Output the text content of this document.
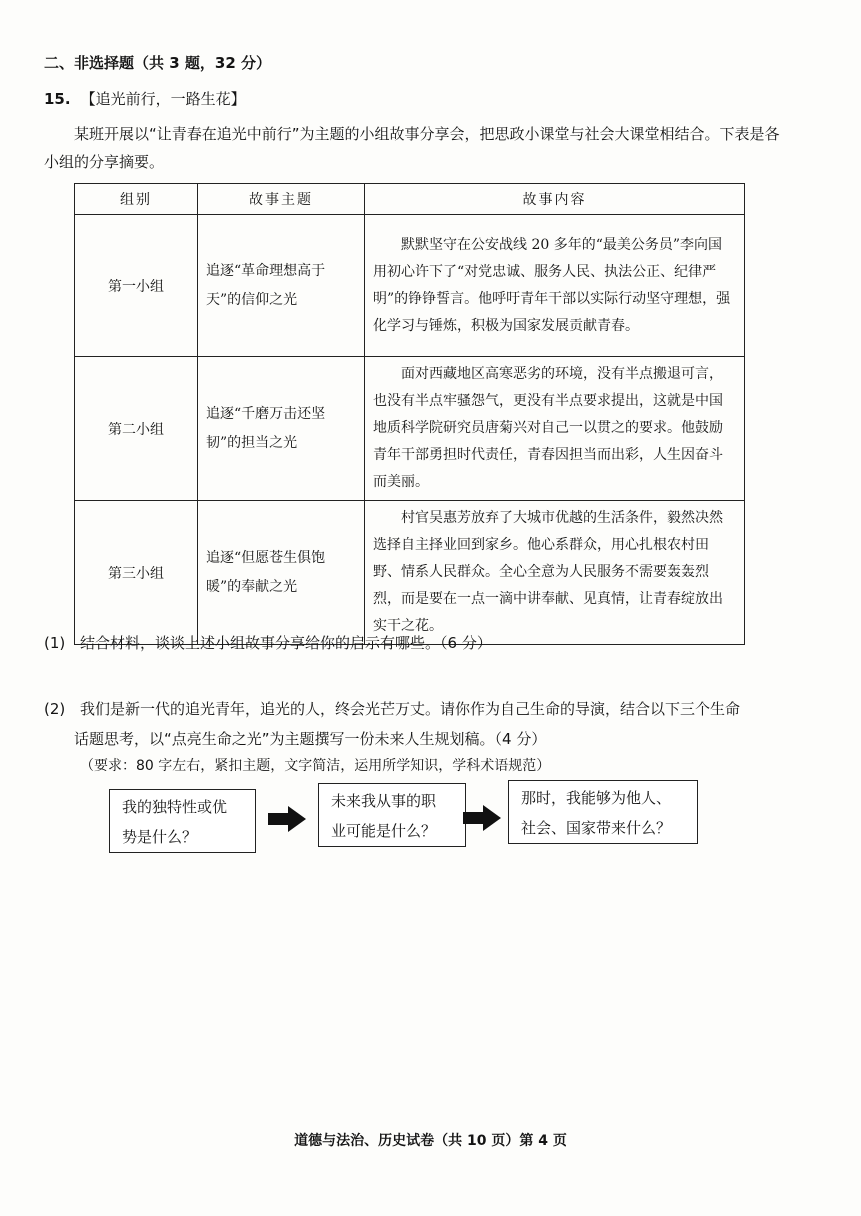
二、非选择题（共 3 题，32 分）
15. 【追光前行，一路生花】
某班开展以“让青春在追光中前行”为主题的小组故事分享会，把思政小课堂与社会大课堂相结合。下表是各小组的分享摘要。
组别	故事主题	故事内容
第一小组	追逐“革命理想高于天”的信仰之光	默默坚守在公安战线 20 多年的“最美公务员”李向国用初心许下了“对党忠诚、服务人民、执法公正、纪律严明”的铮铮誓言。他呼吁青年干部以实际行动坚守理想，强化学习与锤炼，积极为国家发展贡献青春。
第二小组	追逐“千磨万击还坚韧”的担当之光	面对西藏地区高寒恶劣的环境，没有半点搬退可言，也没有半点牢骚怨气，更没有半点要求提出，这就是中国地质科学院研究员唐菊兴对自己一以贯之的要求。他鼓励青年干部勇担时代责任，青春因担当而出彩，人生因奋斗而美丽。
第三小组	追逐“但愿苍生俱饱暖”的奉献之光	村官吴惠芳放弃了大城市优越的生活条件，毅然决然选择自主择业回到家乡。他心系群众，用心扎根农村田野、情系人民群众。全心全意为人民服务不需要轰轰烈烈，而是要在一点一滴中讲奉献、见真情，让青春绽放出实干之花。
(1) 结合材料，谈谈上述小组故事分享给你的启示有哪些。（6 分）
(2) 我们是新一代的追光青年，追光的人，终会光芒万丈。请你作为自己生命的导演，结合以下三个生命
话题思考，以“点亮生命之光”为主题撰写一份未来人生规划稿。（4 分）
（要求：80 字左右，紧扣主题，文字简洁，运用所学知识，学科术语规范）
我的独特性或优
势是什么？
未来我从事的职
业可能是什么？
那时，我能够为他人、
社会、国家带来什么？
道德与法治、历史试卷（共 10 页）第 4 页
